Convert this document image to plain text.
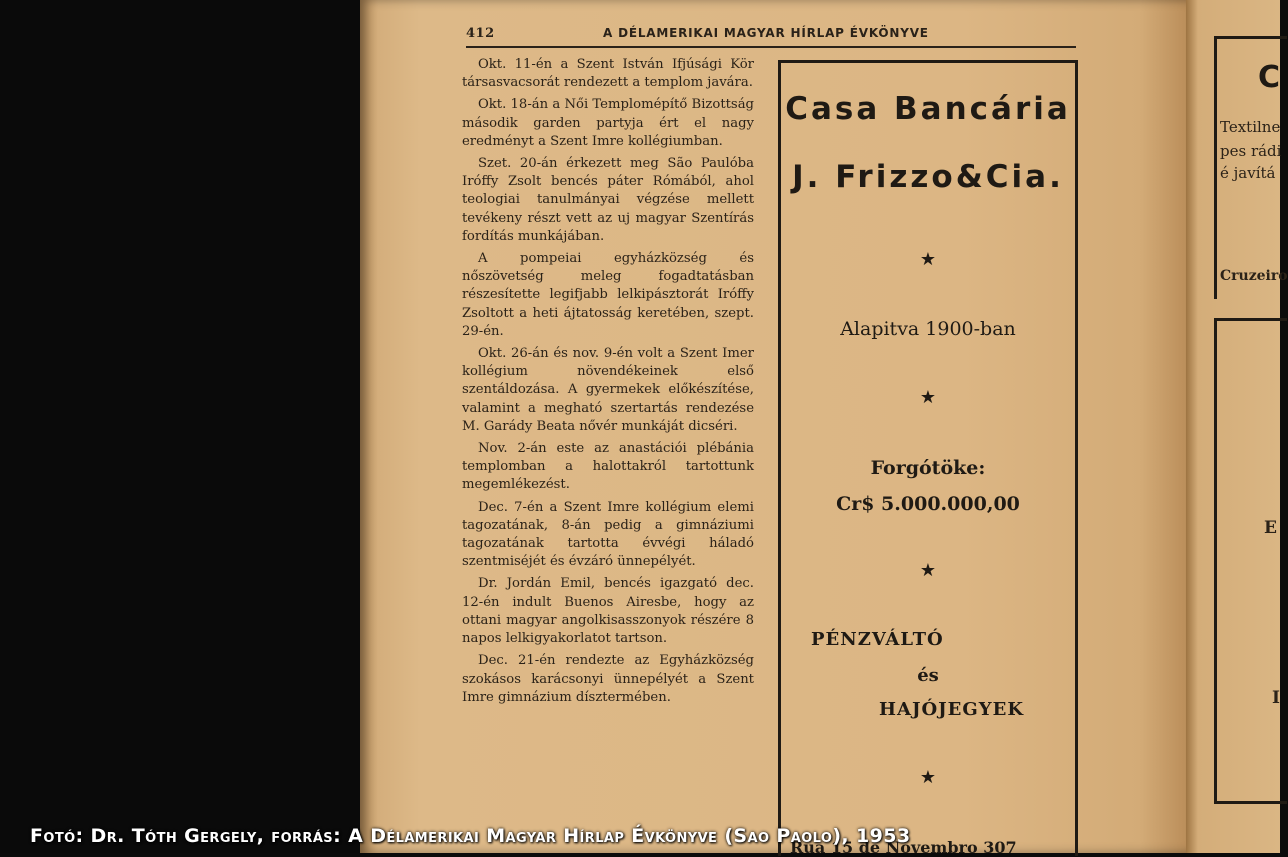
412	A DÉLAMERIKAI MAGYAR HÍRLAP ÉVKÖNYVE

Okt. 11-én a Szent István Ifjúsági Kör társasvacsorát rendezett a templom javára.

Okt. 18-án a Női Templomépítő Bizottság második garden partyja ért el nagy eredményt a Szent Imre kollégiumban.

Szet. 20-án érkezett meg São Paulóba Iróffy Zsolt bencés páter Rómából, ahol teologiai tanulmányai végzése mellett tevékeny részt vett az uj magyar Szentírás fordítás munkájában.

A pompeiai egyházközség és nőszövetség meleg fogadtatásban részesítette legifjabb lelkipásztorát Iróffy Zsoltott a heti ájtatosság keretében, szept. 29-én.

Okt. 26-án és nov. 9-én volt a Szent Imer kollégium növendékeinek első szentáldozása. A gyermekek előkészítése, valamint a megható szertartás rendezése M. Garády Beata nővér munkáját dicséri.

Nov. 2-án este az anastációi plébánia templomban a halottakról tartottunk megemlékezést.

Dec. 7-én a Szent Imre kollégium elemi tagozatának, 8-án pedig a gimnáziumi tagozatának tartotta évvégi háladó szentmiséjét és évzáró ünnepélyét.

Dr. Jordán Emil, bencés igazgató dec. 12-én indult Buenos Airesbe, hogy az ottani magyar angolkisasszonyok részére 8 napos lelkigyakorlatot tartson.

Dec. 21-én rendezte az Egyházközség szokásos karácsonyi ünnepélyét a Szent Imre gimnázium dísztermében.

Casa Bancária
J. Frizzo&Cia.
★
Alapitva 1900-ban
★
Forgótöke:
Cr$ 5.000.000,00
★
PÉNZVÁLTÓ
és
HAJÓJEGYEK
★
Rua 15 de Novembro 307
C
Textilne
pes rádi
é javítá
Cruzeiro
E
I
Fotó: Dr. Tóth Gergely, forrás: A Délamerikai Magyar Hírlap Évkönyve (Sao Paolo), 1953
